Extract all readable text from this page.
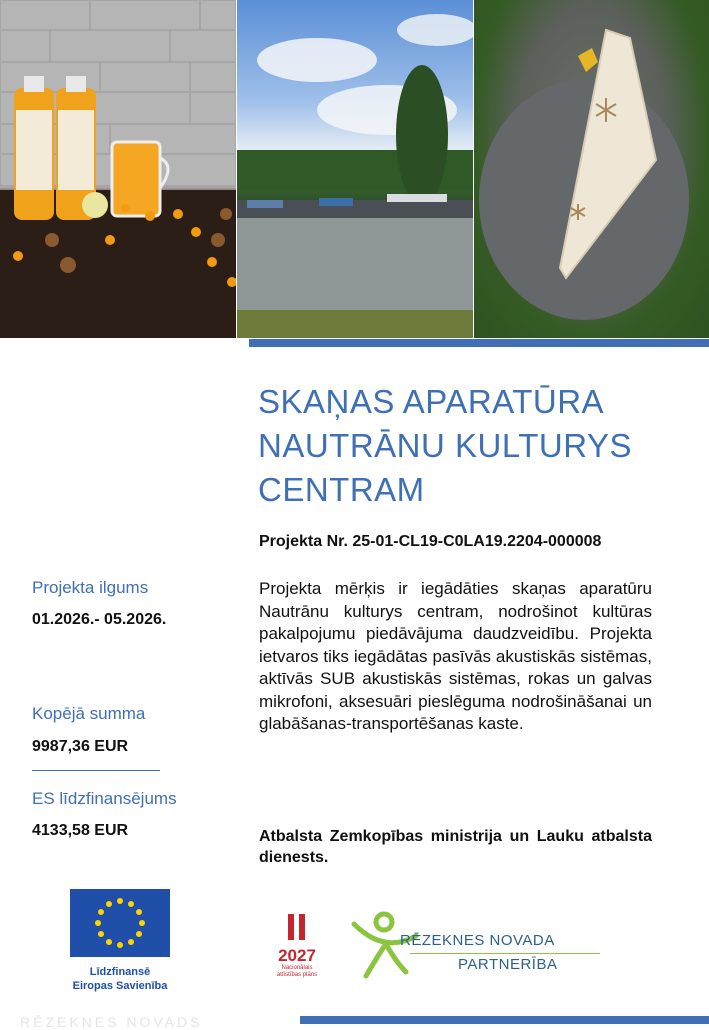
SKAŅAS APARATŪRA
NAUTRĀNU KULTURYS
CENTRAM
Projekta Nr. 25-01-CL19-C0LA19.2204-000008
Projekta mērķis ir iegādāties skaņas aparatūru Nautrānu kulturys centram, nodrošinot kultūras pakalpojumu piedāvājuma daudzveidību. Projekta ietvaros tiks iegādātas pasīvās akustiskās sistēmas, aktīvās SUB akustiskās sistēmas, rokas un galvas mikrofoni, aksesuāri pieslēguma nodrošināšanai un glabāšanas-transportēšanas kaste.
Atbalsta Zemkopības ministrija un Lauku atbalsta dienests.
Projekta ilgums
01.2026.- 05.2026.
Kopējā summa
9987,36 EUR
ES līdzfinansējums
4133,58 EUR
Līdzfinansē
Eiropas Savienība
2027
Nacionālais
attīstības plāns
RĒZEKNES NOVADA
PARTNERĪBA
RĒZEKNES NOVADS
